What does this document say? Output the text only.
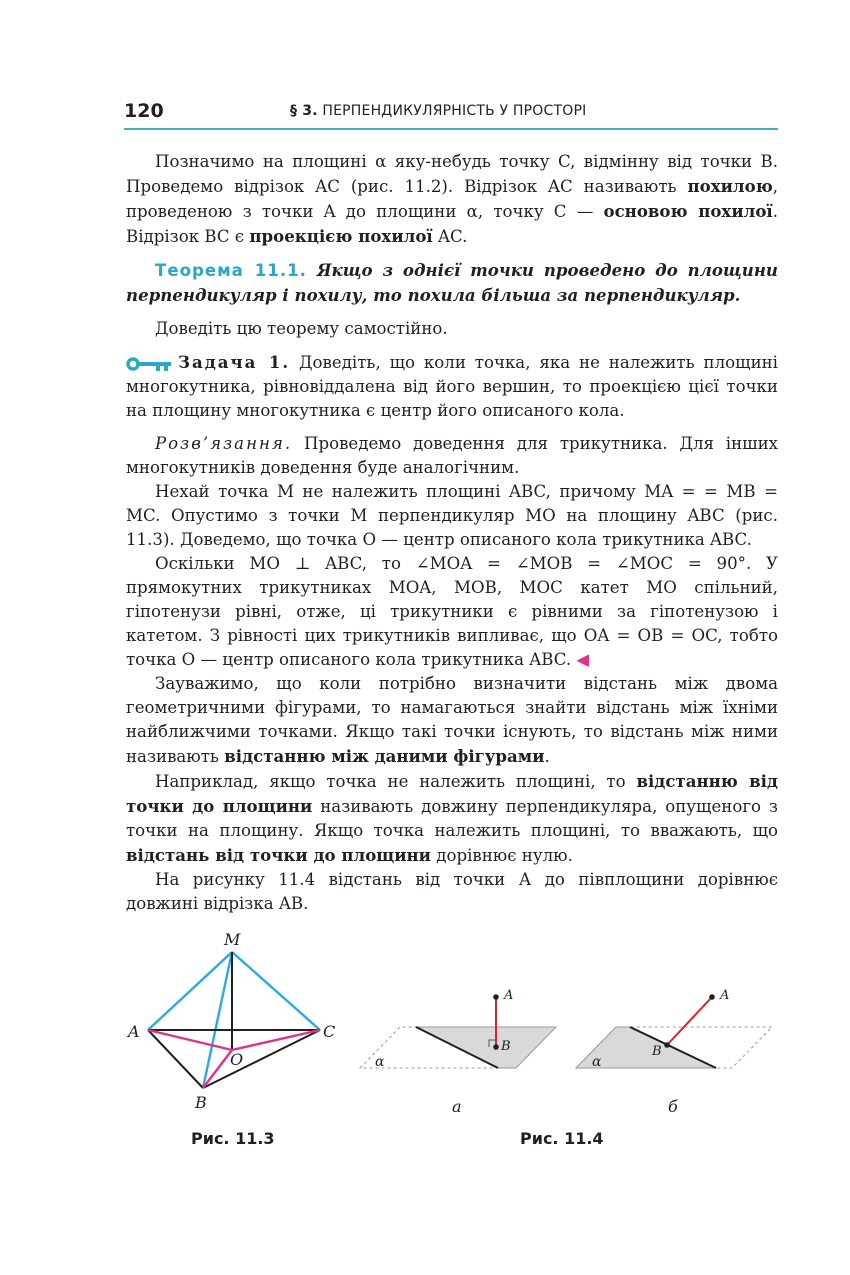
120	§ 3. ПЕРПЕНДИКУЛЯРНІСТЬ У ПРОСТОРІ

Позначимо на площині α яку-небудь точку C, відмінну від точки B. Проведемо відрізок AC (рис. 11.2). Відрізок AC називають похилою, проведеною з точки A до площини α, точку C — основою похилої. Відрізок BC є проекцією похилої AC.

Теорема 11.1. Якщо з однієї точки проведено до площини перпендикуляр і похилу, то похила більша за перпендикуляр.

Доведіть цю теорему самостійно.

Задача 1. Доведіть, що коли точка, яка не належить площині многокутника, рівновіддалена від його вершин, то проекцією цієї точки на площину многокутника є центр його описаного кола.

Розв’язання. Проведемо доведення для трикутника. Для інших многокутників доведення буде аналогічним.

Нехай точка M не належить площині ABC, причому MA = = MB = MC. Опустимо з точки M перпендикуляр MO на площину ABC (рис. 11.3). Доведемо, що точка O — центр описаного кола трикутника ABC.

Оскільки MO ⊥ ABC, то ∠MOA = ∠MOB = ∠MOC = 90°. У прямокутних трикутниках MOA, MOB, MOC катет MO спільний, гіпотенузи рівні, отже, ці трикутники є рівними за гіпотенузою і катетом. З рівності цих трикутників випливає, що OA = OB = OC, тобто точка O — центр описаного кола трикутника ABC. ◀

Зауважимо, що коли потрібно визначити відстань між двома геометричними фігурами, то намагаються знайти відстань між їхніми найближчими точками. Якщо такі точки існують, то відстань між ними називають відстанню між даними фігурами.

Наприклад, якщо точка не належить площині, то відстанню від точки до площини називають довжину перпендикуляра, опущеного з точки на площину. Якщо точка належить площині, то вважають, що відстань від точки до площини дорівнює нулю.

На рисунку 11.4 відстань від точки А до півплощини дорівнює довжині відрізка AB.

M
A	C
O
B
Рис. 11.3
A
B
α
а
A
B
α
б
Рис. 11.4
